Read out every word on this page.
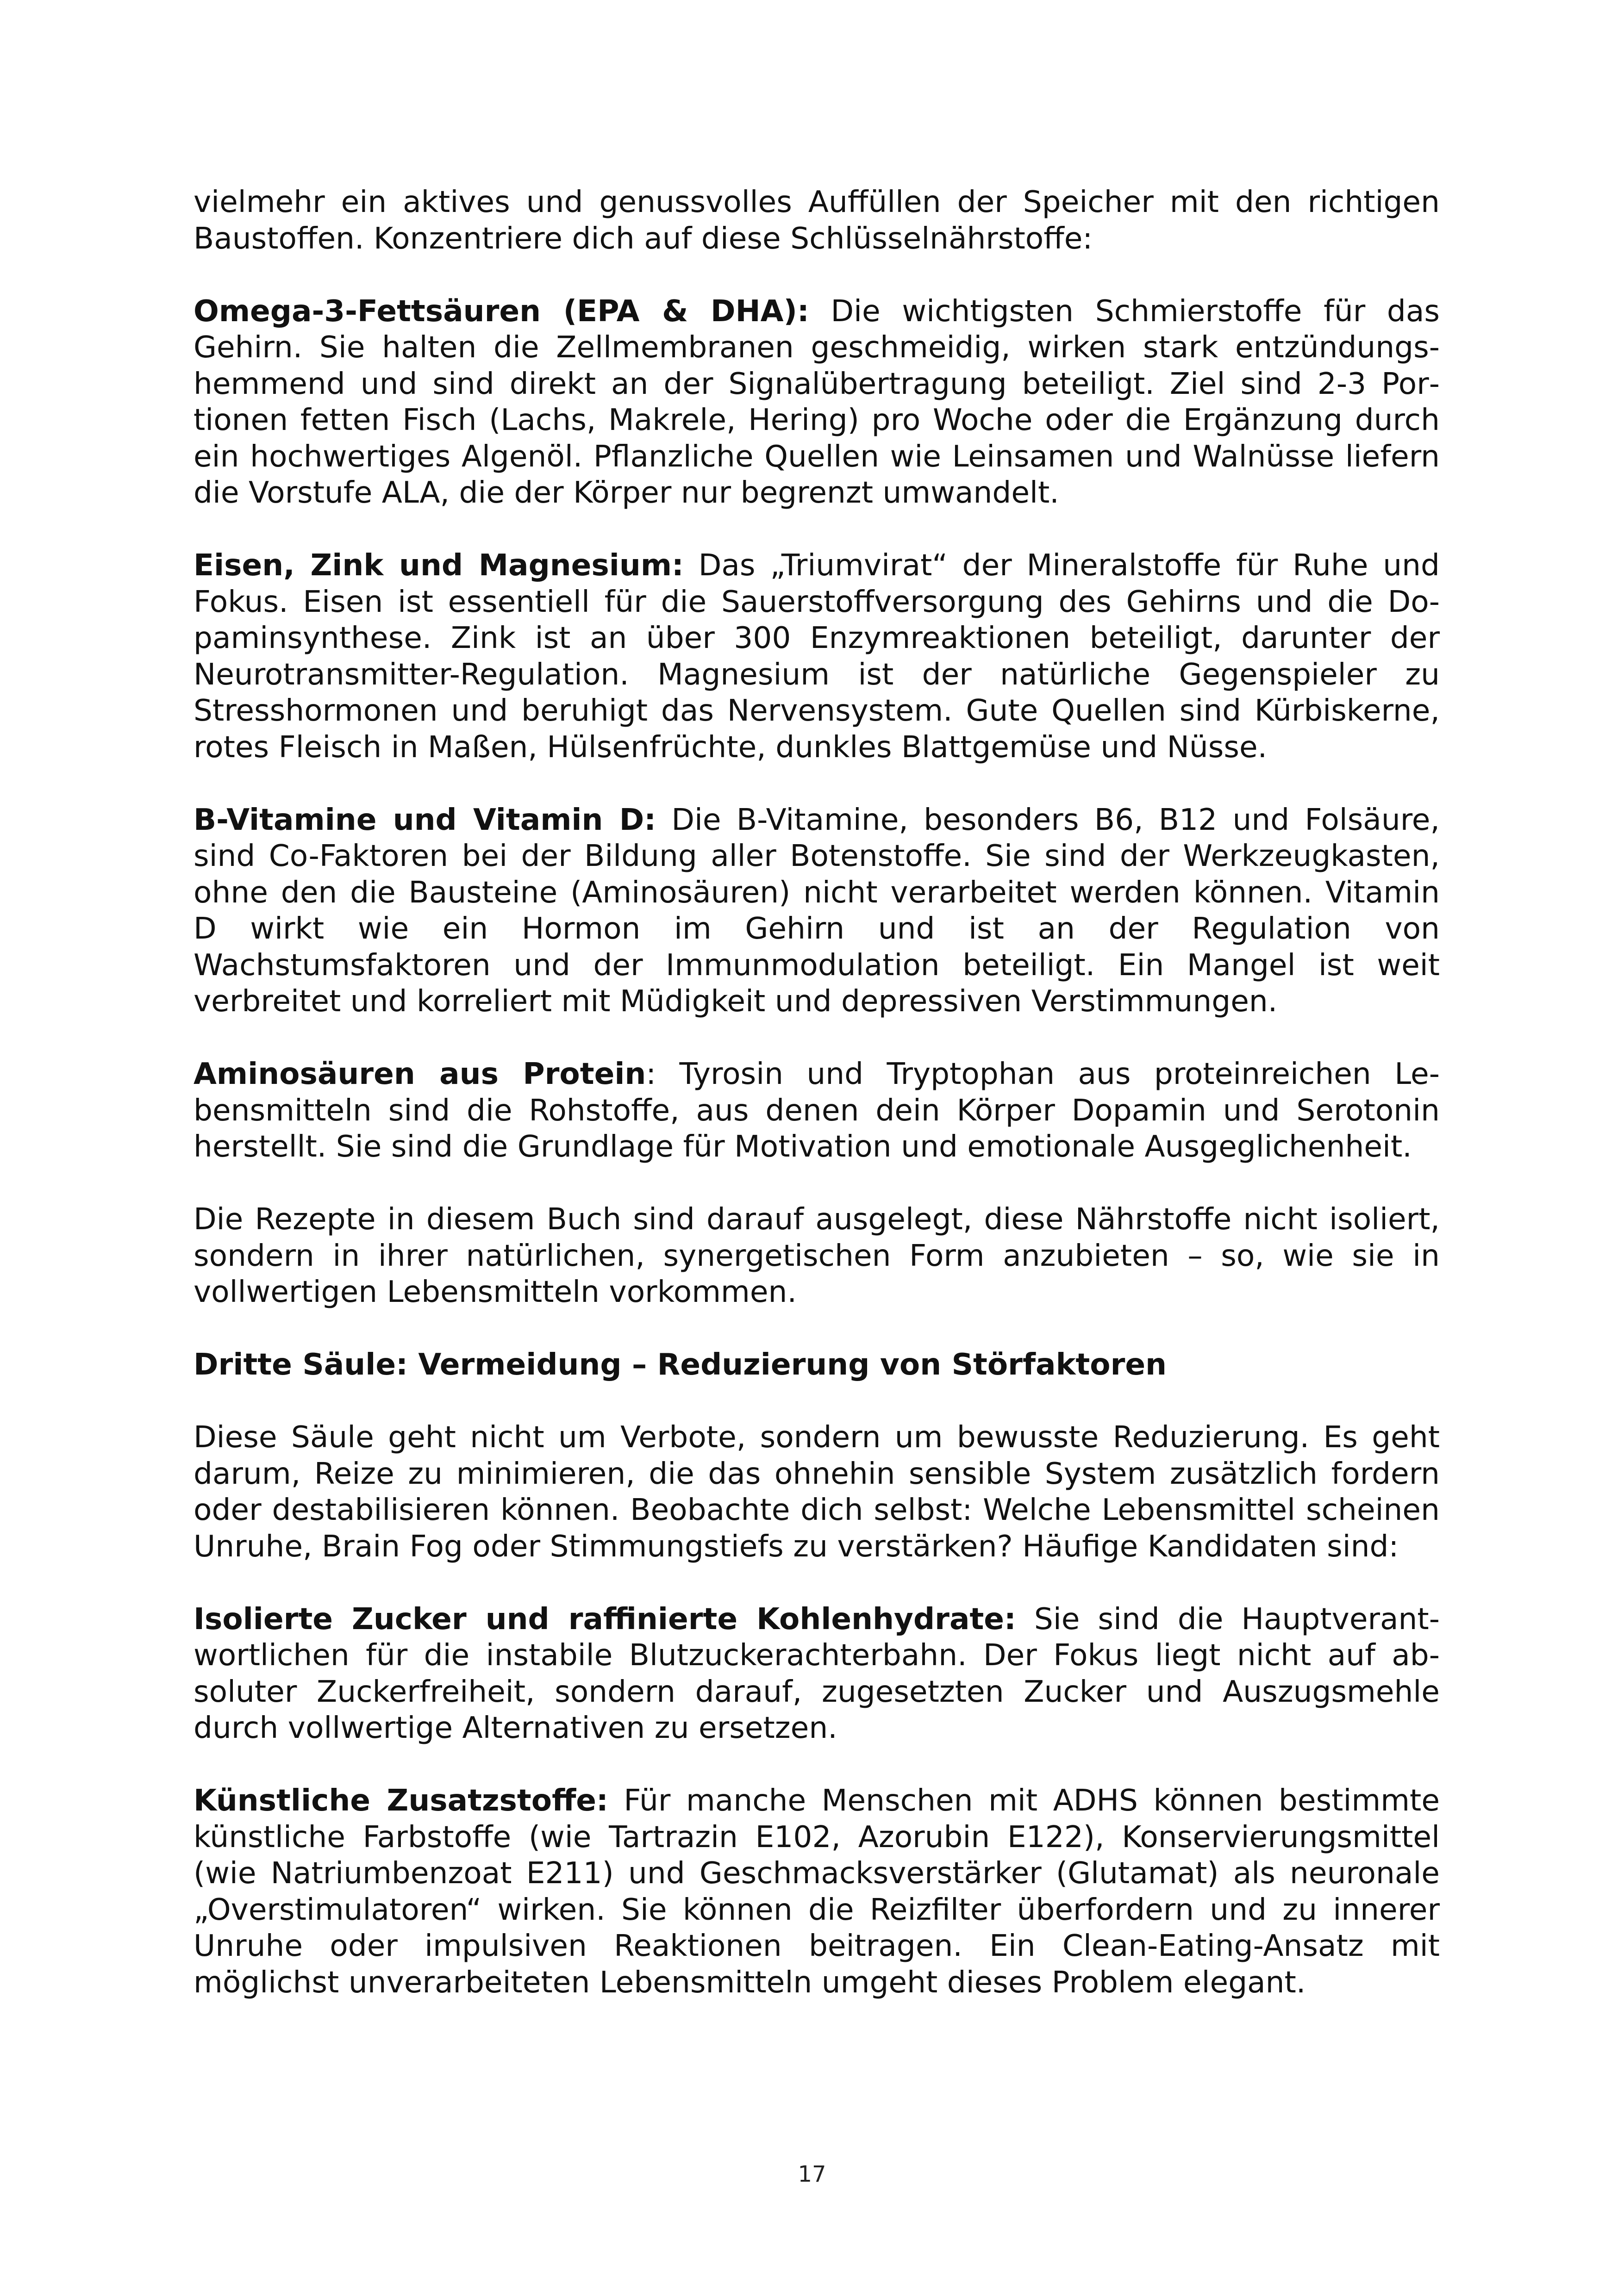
vielmehr ein aktives und genussvolles Auffüllen der Speicher mit den richtigen Baustoffen. Konzentriere dich auf diese Schlüsselnährstoffe:

Omega-3-Fettsäuren (EPA & DHA): Die wichtigsten Schmierstoffe für das Gehirn. Sie halten die Zellmembranen geschmeidig, wirken stark entzündungshemmend und sind direkt an der Signalübertragung beteiligt. Ziel sind 2-3 Portionen fetten Fisch (Lachs, Makrele, Hering) pro Woche oder die Ergänzung durch ein hochwertiges Algenöl. Pflanzliche Quellen wie Leinsamen und Walnüsse liefern die Vorstufe ALA, die der Körper nur begrenzt umwandelt.

Eisen, Zink und Magnesium: Das „Triumvirat“ der Mineralstoffe für Ruhe und Fokus. Eisen ist essentiell für die Sauerstoffversorgung des Gehirns und die Dopaminsynthese. Zink ist an über 300 Enzymreaktionen beteiligt, darunter der Neurotransmitter-Regulation. Magnesium ist der natürliche Gegenspieler zu Stresshormonen und beruhigt das Nervensystem. Gute Quellen sind Kürbiskerne, rotes Fleisch in Maßen, Hülsenfrüchte, dunkles Blattgemüse und Nüsse.

B-Vitamine und Vitamin D: Die B-Vitamine, besonders B6, B12 und Folsäure, sind Co-Faktoren bei der Bildung aller Botenstoffe. Sie sind der Werkzeugkasten, ohne den die Bausteine (Aminosäuren) nicht verarbeitet werden können. Vitamin D wirkt wie ein Hormon im Gehirn und ist an der Regulation von Wachstumsfaktoren und der Immunmodulation beteiligt. Ein Mangel ist weit verbreitet und korreliert mit Müdigkeit und depressiven Verstimmungen.

Aminosäuren aus Protein: Tyrosin und Tryptophan aus proteinreichen Lebensmitteln sind die Rohstoffe, aus denen dein Körper Dopamin und Serotonin herstellt. Sie sind die Grundlage für Motivation und emotionale Ausgeglichenheit.

Die Rezepte in diesem Buch sind darauf ausgelegt, diese Nährstoffe nicht isoliert, sondern in ihrer natürlichen, synergetischen Form anzubieten – so, wie sie in vollwertigen Lebensmitteln vorkommen.

Dritte Säule: Vermeidung – Reduzierung von Störfaktoren

Diese Säule geht nicht um Verbote, sondern um bewusste Reduzierung. Es geht darum, Reize zu minimieren, die das ohnehin sensible System zusätzlich fordern oder destabilisieren können. Beobachte dich selbst: Welche Lebensmittel scheinen Unruhe, Brain Fog oder Stimmungstiefs zu verstärken? Häufige Kandidaten sind:

Isolierte Zucker und raffinierte Kohlenhydrate: Sie sind die Hauptverantwortlichen für die instabile Blutzuckerachterbahn. Der Fokus liegt nicht auf absoluter Zuckerfreiheit, sondern darauf, zugesetzten Zucker und Auszugsmehle durch vollwertige Alternativen zu ersetzen.

Künstliche Zusatzstoffe: Für manche Menschen mit ADHS können bestimmte künstliche Farbstoffe (wie Tartrazin E102, Azorubin E122), Konservierungsmittel (wie Natriumbenzoat E211) und Geschmacksverstärker (Glutamat) als neuronale „Overstimulatoren“ wirken. Sie können die Reizfilter überfordern und zu innerer Unruhe oder impulsiven Reaktionen beitragen. Ein Clean-Eating-Ansatz mit möglichst unverarbeiteten Lebensmitteln umgeht dieses Problem elegant.

17
